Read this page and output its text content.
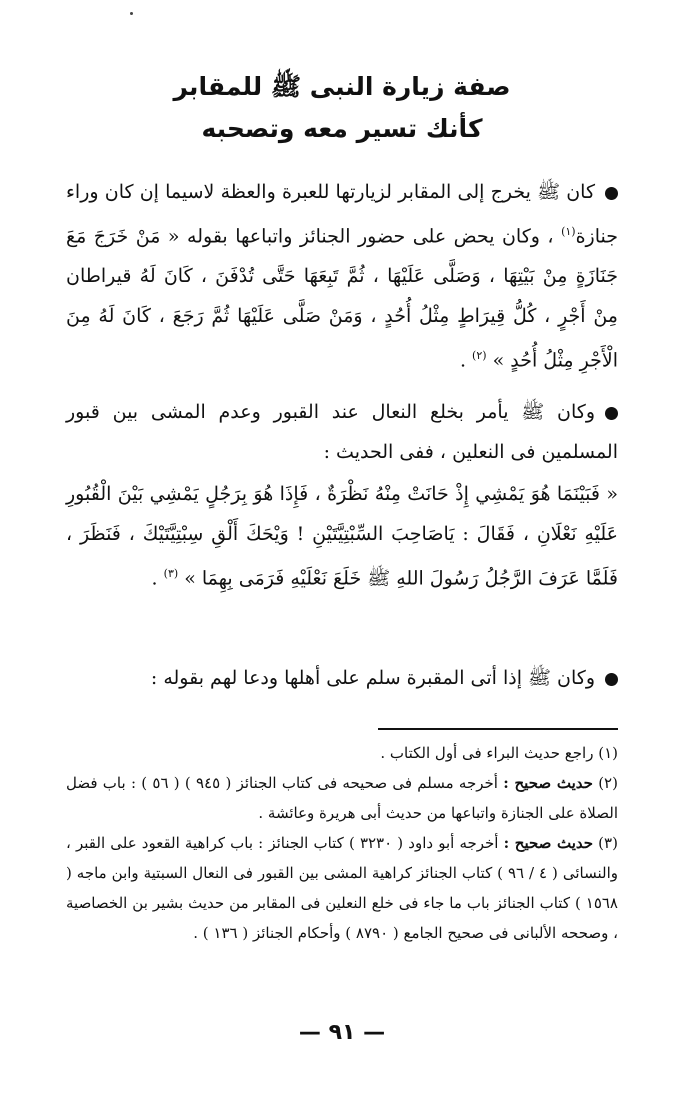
صفة زيارة النبى ﷺ للمقابر
كأنك تسير معه وتصحبه
كان ﷺ يخرج إلى المقابر لزيارتها للعبرة والعظة لاسيما إن كان وراء جنازة$^{(١)}$ ، وكان يحض على حضور الجنائز واتباعها بقوله « مَنْ خَرَجَ مَعَ جَنَازَةٍ مِنْ بَيْتِهَا ، وَصَلَّى عَلَيْهَا ، ثُمَّ تَبِعَهَا حَتَّى تُدْفَنَ ، كَانَ لَهُ قيراطان مِنْ أَجْرٍ ، كُلُّ قِيرَاطٍ مِثْلُ أُحُدٍ ، وَمَنْ صَلَّى عَلَيْهَا ثُمَّ رَجَعَ ، كَانَ لَهُ مِنَ الْأَجْرِ مِثْلُ أُحُدٍ » $^{(٢)}$ .
وكان ﷺ يأمر بخلع النعال عند القبور وعدم المشى بين قبور المسلمين فى النعلين ، ففى الحديث :
« فَبَيْنَمَا هُوَ يَمْشِي إِذْ حَانَتْ مِنْهُ نَظْرَةٌ ، فَإِذَا هُوَ بِرَجُلٍ يَمْشِي بَيْنَ الْقُبُورِ عَلَيْهِ نَعْلَانِ ، فَقَالَ : يَاصَاحِبَ السِّبْتِيَّتَيْنِ ! وَيْحَكَ أَلْقِ سِبْتِيَّتَيْكَ ، فَنَظَرَ ، فَلَمَّا عَرَفَ الرَّجُلُ رَسُولَ اللهِ ﷺ خَلَعَ نَعْلَيْهِ فَرَمَى بِهِمَا » $^{(٣)}$ .
وكان ﷺ إذا أتى المقبرة سلم على أهلها ودعا لهم بقوله :

(١) راجع حديث البراء فى أول الكتاب .

(٢) حديث صحيح : أخرجه مسلم فى صحيحه فى كتاب الجنائز ( ٩٤٥ ) ( ٥٦ ) : باب فضل الصلاة على الجنازة واتباعها من حديث أبى هريرة وعائشة .

(٣) حديث صحيح : أخرجه أبو داود ( ٣٢٣٠ ) كتاب الجنائز : باب كراهية القعود على القبر ، والنسائى ( ٤ / ٩٦ ) كتاب الجنائز كراهية المشى بين القبور فى النعال السبتية وابن ماجه ( ١٥٦٨ ) كتاب الجنائز باب ما جاء فى خلع النعلين فى المقابر من حديث بشير بن الخصاصية ، وصححه الألبانى فى صحيح الجامع ( ٨٧٩٠ ) وأحكام الجنائز ( ١٣٦ ) .

— ٩١ —
